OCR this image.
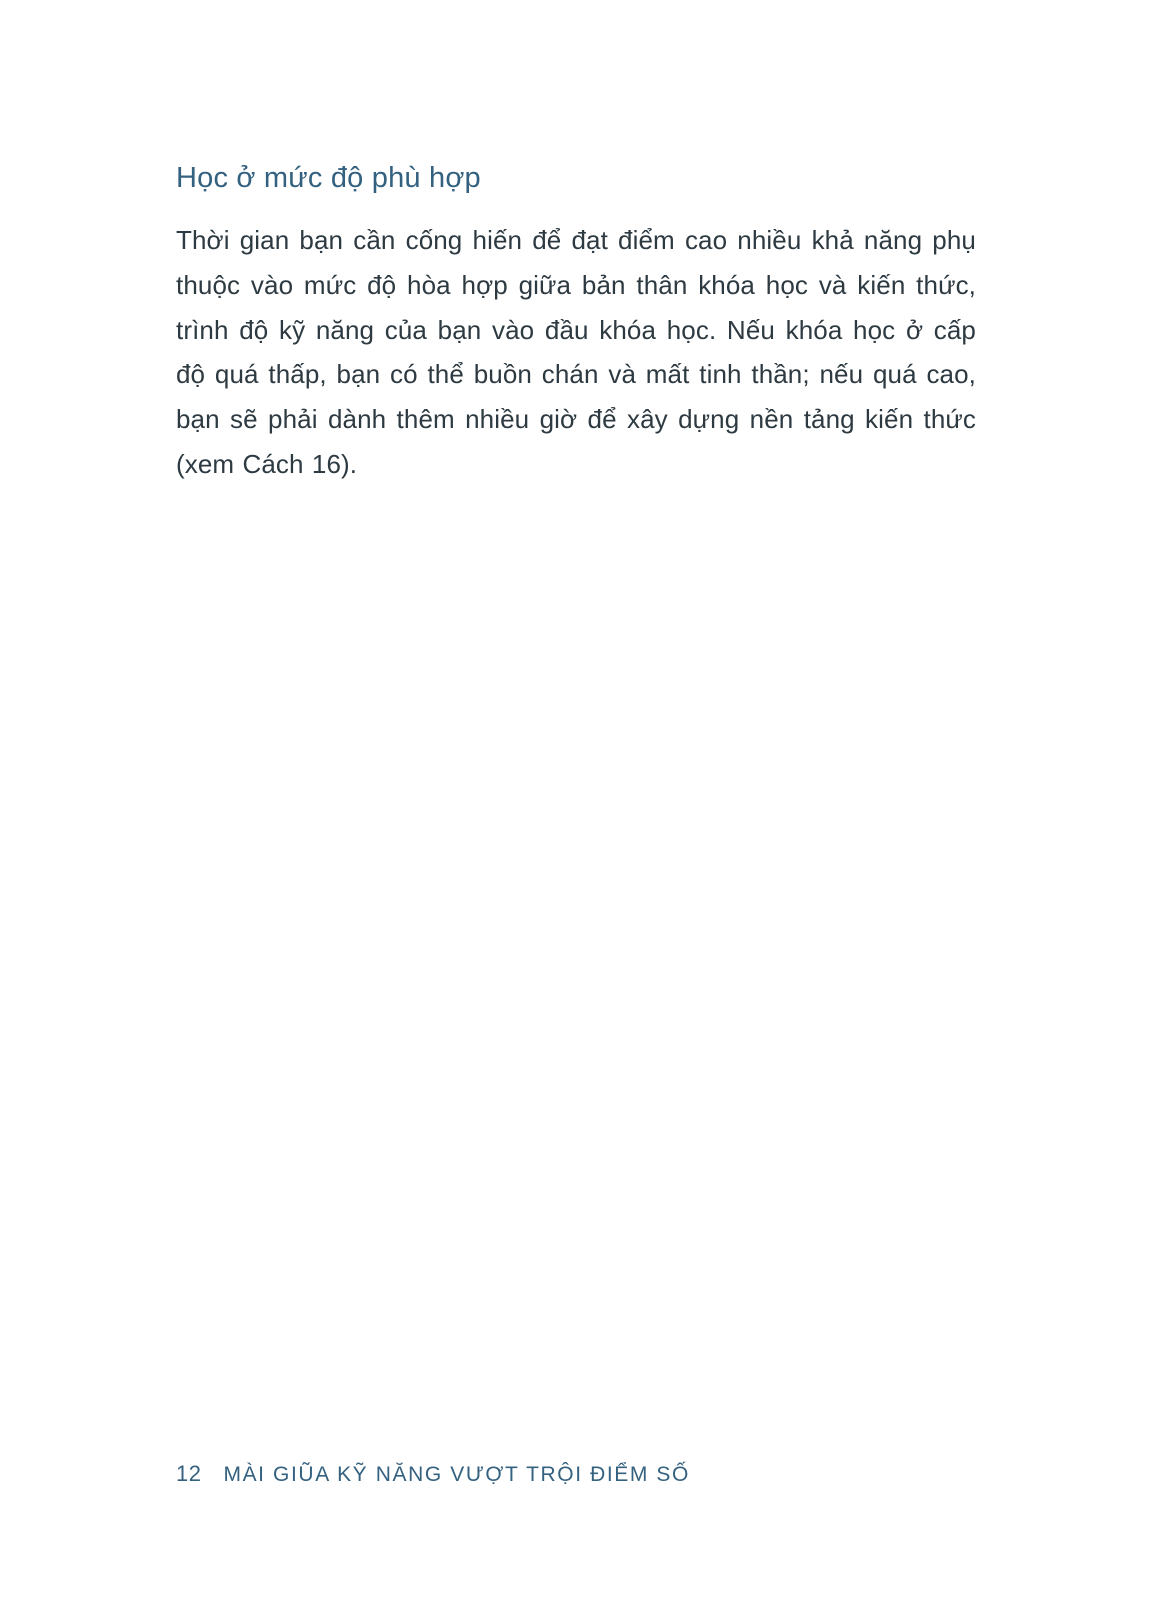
Học ở mức độ phù hợp

Thời gian bạn cần cống hiến để đạt điểm cao nhiều khả năng phụ thuộc vào mức độ hòa hợp giữa bản thân khóa học và kiến thức, trình độ kỹ năng của bạn vào đầu khóa học. Nếu khóa học ở cấp độ quá thấp, bạn có thể buồn chán và mất tinh thần; nếu quá cao, bạn sẽ phải dành thêm nhiều giờ để xây dựng nền tảng kiến thức (xem Cách 16).

12 MÀI GIŨA KỸ NĂNG VƯỢT TRỘI ĐIỂM SỐ
